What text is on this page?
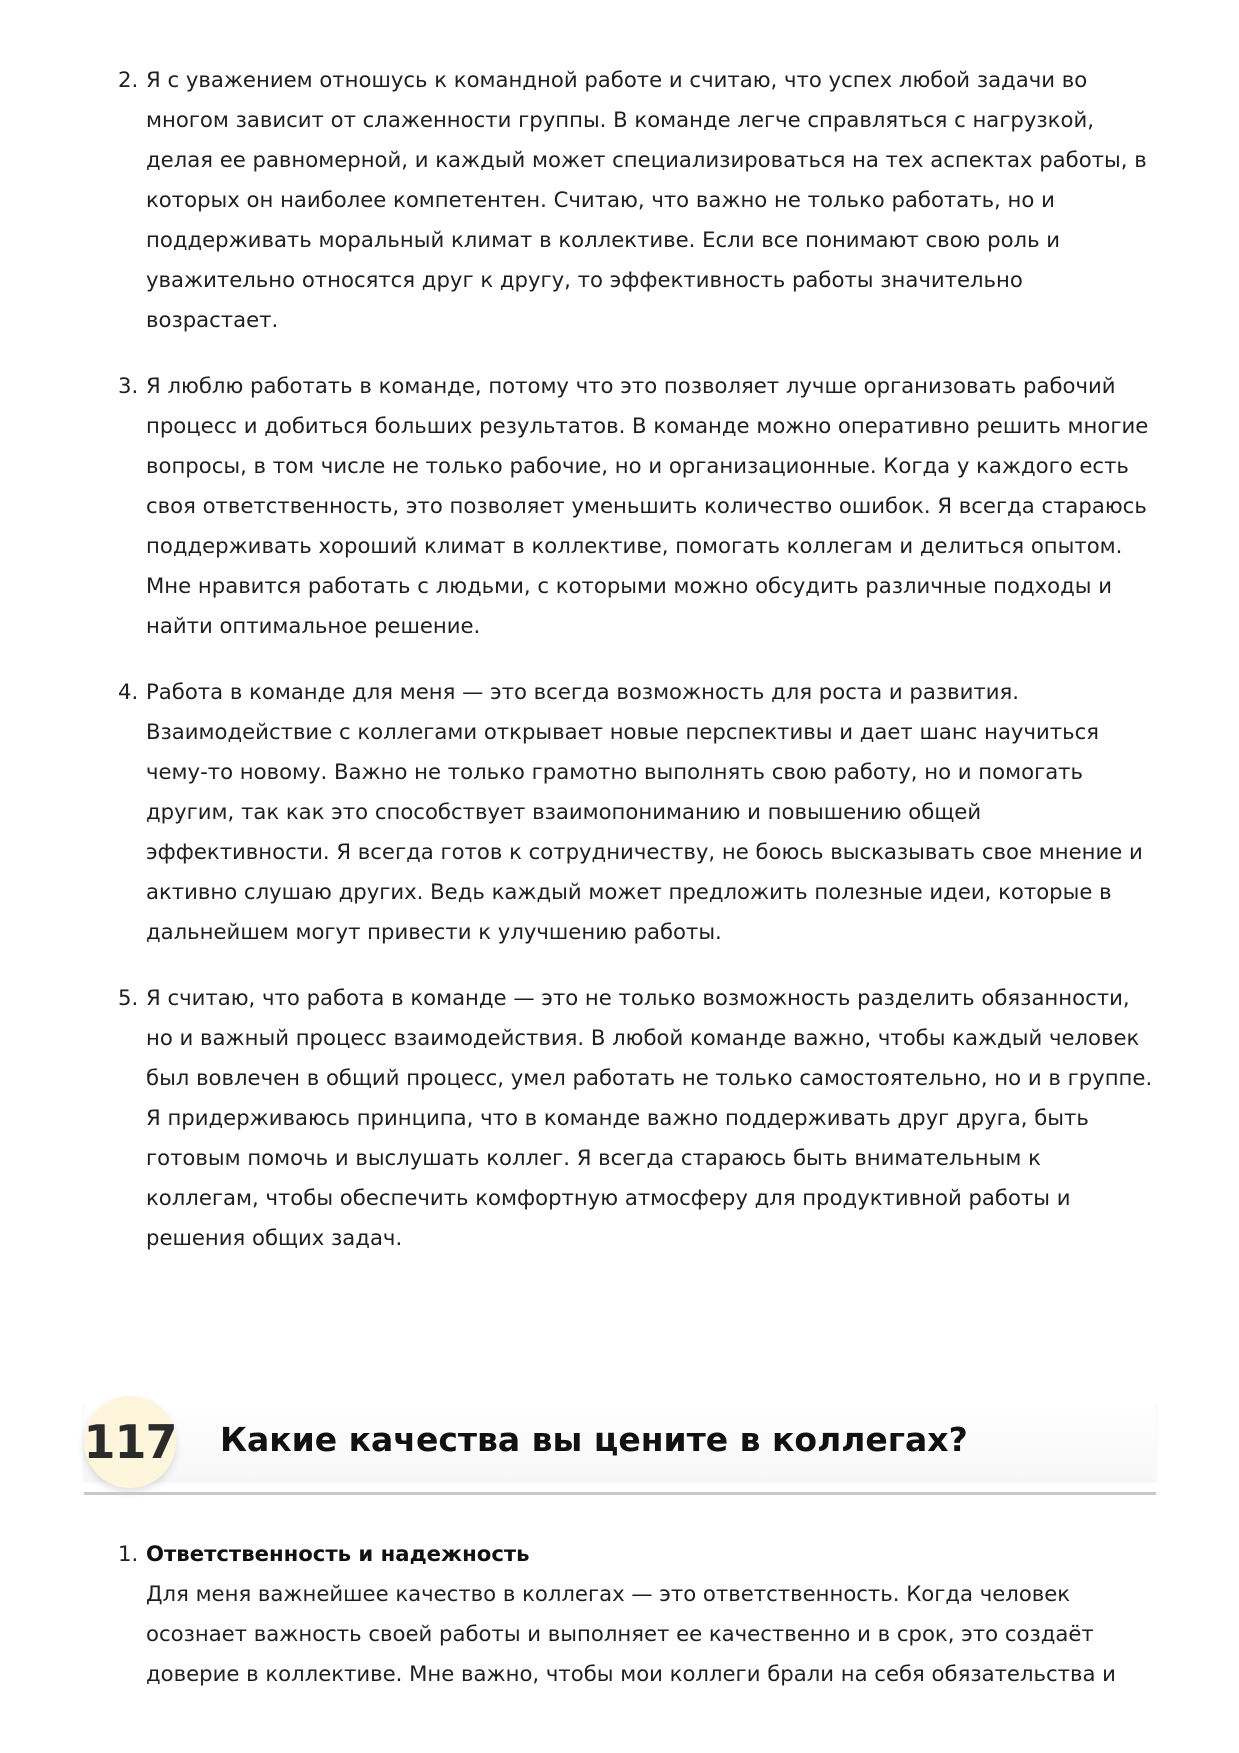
2. Я с уважением отношусь к командной работе и считаю, что успех любой задачи во многом зависит от слаженности группы. В команде легче справляться с нагрузкой, делая ее равномерной, и каждый может специализироваться на тех аспектах работы, в которых он наиболее компетентен. Считаю, что важно не только работать, но и поддерживать моральный климат в коллективе. Если все понимают свою роль и уважительно относятся друг к другу, то эффективность работы значительно возрастает.
3. Я люблю работать в команде, потому что это позволяет лучше организовать рабочий процесс и добиться больших результатов. В команде можно оперативно решить многие вопросы, в том числе не только рабочие, но и организационные. Когда у каждого есть своя ответственность, это позволяет уменьшить количество ошибок. Я всегда стараюсь поддерживать хороший климат в коллективе, помогать коллегам и делиться опытом. Мне нравится работать с людьми, с которыми можно обсудить различные подходы и найти оптимальное решение.
4. Работа в команде для меня — это всегда возможность для роста и развития. Взаимодействие с коллегами открывает новые перспективы и дает шанс научиться чему-то новому. Важно не только грамотно выполнять свою работу, но и помогать другим, так как это способствует взаимопониманию и повышению общей эффективности. Я всегда готов к сотрудничеству, не боюсь высказывать свое мнение и активно слушаю других. Ведь каждый может предложить полезные идеи, которые в дальнейшем могут привести к улучшению работы.
5. Я считаю, что работа в команде — это не только возможность разделить обязанности, но и важный процесс взаимодействия. В любой команде важно, чтобы каждый человек был вовлечен в общий процесс, умел работать не только самостоятельно, но и в группе. Я придерживаюсь принципа, что в команде важно поддерживать друг друга, быть готовым помочь и выслушать коллег. Я всегда стараюсь быть внимательным к коллегам, чтобы обеспечить комфортную атмосферу для продуктивной работы и решения общих задач.
117 Какие качества вы цените в коллегах?
1. Ответственность и надежность
Для меня важнейшее качество в коллегах — это ответственность. Когда человек осознает важность своей работы и выполняет ее качественно и в срок, это создаёт доверие в коллективе. Мне важно, чтобы мои коллеги брали на себя обязательства и
